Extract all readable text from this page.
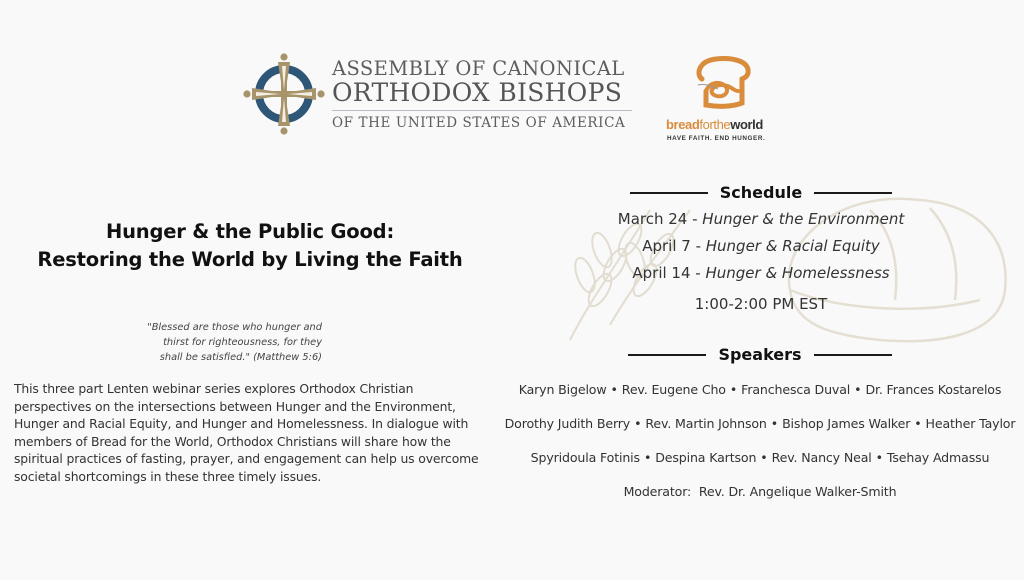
ASSEMBLY OF CANONICAL
ORTHODOX BISHOPS
OF THE UNITED STATES OF AMERICA	breadfortheworld
HAVE FAITH. END HUNGER.
Hunger & the Public Good:
Restoring the World by Living the Faith
"Blessed are those who hunger and
thirst for righteousness, for they
shall be satisfied." (Matthew 5:6)
This three part Lenten webinar series explores Orthodox Christian perspectives on the intersections between Hunger and the Environment, Hunger and Racial Equity, and Hunger and Homelessness. In dialogue with members of Bread for the World, Orthodox Christians will share how the spiritual practices of fasting, prayer, and engagement can help us overcome societal shortcomings in these three timely issues.
Schedule
March 24 - Hunger & the Environment
April 7 - Hunger & Racial Equity
April 14 - Hunger & Homelessness
1:00-2:00 PM EST
Speakers
Karyn Bigelow • Rev. Eugene Cho • Franchesca Duval • Dr. Frances Kostarelos
Dorothy Judith Berry • Rev. Martin Johnson • Bishop James Walker • Heather Taylor
Spyridoula Fotinis • Despina Kartson • Rev. Nancy Neal • Tsehay Admassu
Moderator:  Rev. Dr. Angelique Walker-Smith
